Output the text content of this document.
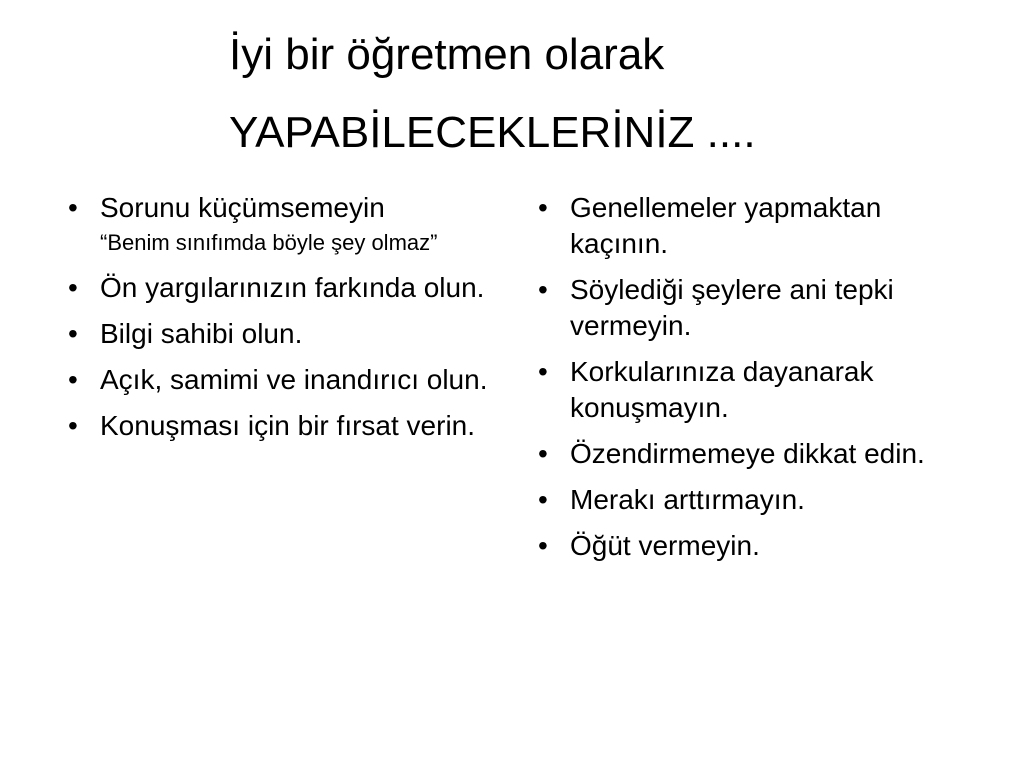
İyi bir öğretmen olarak
YAPABİLECEKLERİNİZ ....
• Sorunu küçümsemeyin
“Benim sınıfımda böyle şey olmaz”
• Ön yargılarınızın farkında olun.
• Bilgi sahibi olun.
• Açık, samimi ve inandırıcı olun.
• Konuşması için bir fırsat verin.
• Genellemeler yapmaktan kaçının.
• Söylediği şeylere ani tepki vermeyin.
• Korkularınıza dayanarak konuşmayın.
• Özendirmemeye dikkat edin.
• Merakı arttırmayın.
• Öğüt vermeyin.
